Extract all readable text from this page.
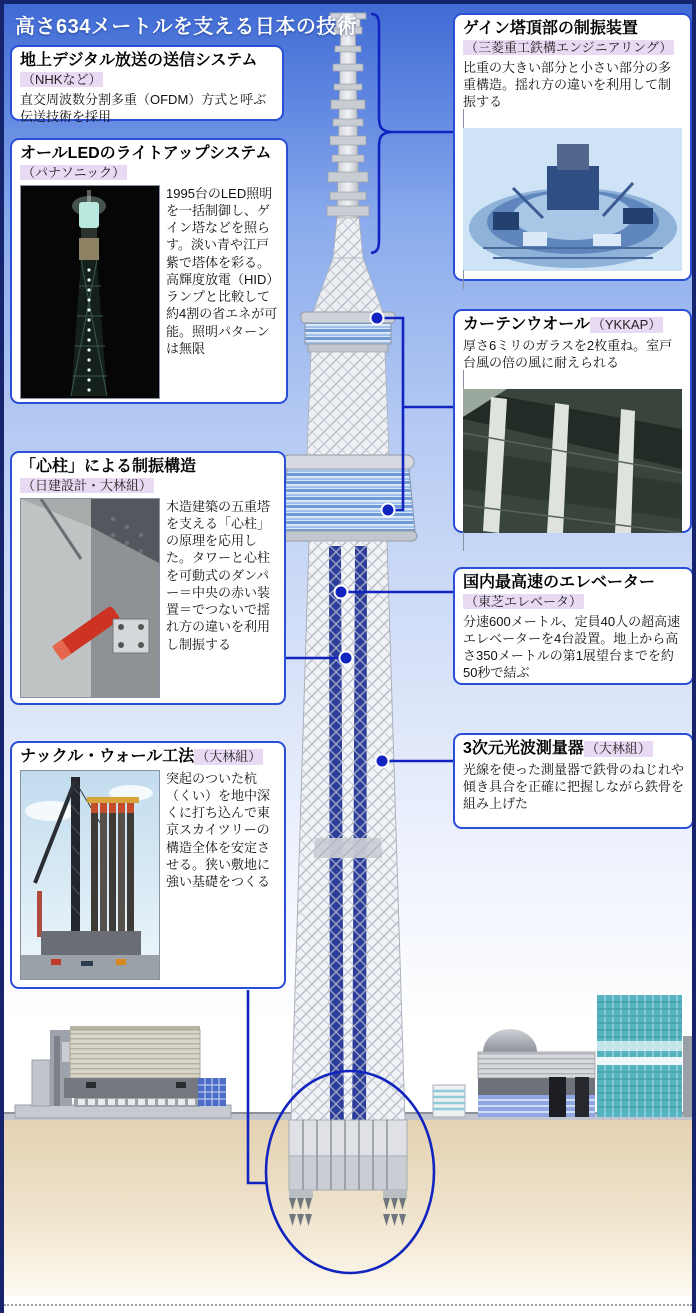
高さ634メートルを支える日本の技術
地上デジタル放送の送信システム
（NHKなど）

直交周波数分割多重（OFDM）方式と呼ぶ伝送技術を採用

オールLEDのライトアップシステム
（パナソニック）

1995台のLED照明を一括制御し、ゲイン塔などを照らす。淡い青や江戸紫で塔体を彩る。高輝度放電（HID）ランプと比較して約4割の省エネが可能。照明パターンは無限

ゲイン塔頂部の制振装置
（三菱重工鉄構エンジニアリング）

比重の大きい部分と小さい部分の多重構造。揺れ方の違いを利用して制振する

カーテンウオール （YKKAP）

厚さ6ミリのガラスを2枚重ね。室戸台風の倍の風に耐えられる

「心柱」による制振構造
（日建設計・大林組）

木造建築の五重塔を支える「心柱」の原理を応用した。タワーと心柱を可動式のダンパー＝中央の赤い装置＝でつないで揺れ方の違いを利用し制振する

国内最高速のエレベーター
（東芝エレベータ）

分速600メートル、定員40人の超高速エレベーターを4台設置。地上から高さ350メートルの第1展望台までを約50秒で結ぶ

3次元光波測量器 （大林組）

光線を使った測量器で鉄骨のねじれや傾き具合を正確に把握しながら鉄骨を組み上げた

ナックル・ウォール工法 （大林組）

突起のついた杭（くい）を地中深くに打ち込んで東京スカイツリーの構造全体を安定させる。狭い敷地に強い基礎をつくる
